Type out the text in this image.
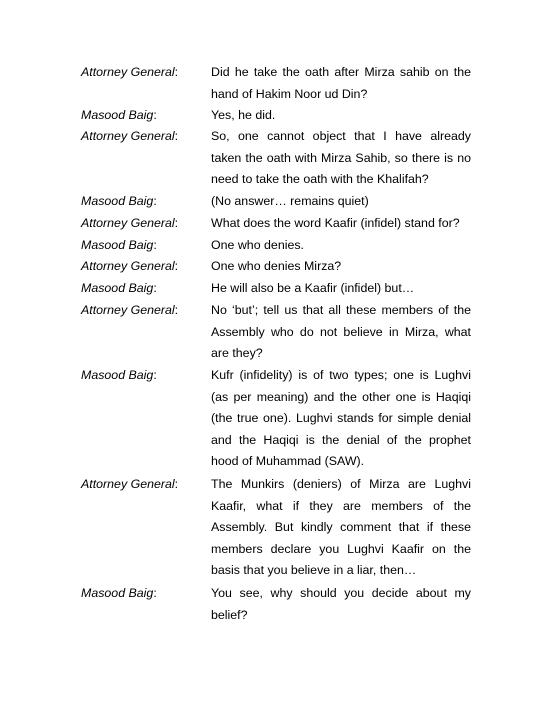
Attorney General:	Did he take the oath after Mirza sahib on the
hand of Hakim Noor ud Din?
Masood Baig:	Yes, he did.
Attorney General:	So, one cannot object that I have already
taken the oath with Mirza Sahib, so there is no
need to take the oath with the Khalifah?
Masood Baig:	(No answer… remains quiet)
Attorney General:	What does the word Kaafir (infidel) stand for?
Masood Baig:	One who denies.
Attorney General:	One who denies Mirza?
Masood Baig:	He will also be a Kaafir (infidel) but…
Attorney General:	No ‘but’; tell us that all these members of the
Assembly who do not believe in Mirza, what
are they?
Masood Baig:	Kufr (infidelity) is of two types; one is Lughvi
(as per meaning) and the other one is Haqiqi
(the true one). Lughvi stands for simple denial
and the Haqiqi is the denial of the prophet
hood of Muhammad (SAW).
Attorney General:	The Munkirs (deniers) of Mirza are Lughvi
Kaafir, what if they are members of the
Assembly. But kindly comment that if these
members declare you Lughvi Kaafir on the
basis that you believe in a liar, then…
Masood Baig:	You see, why should you decide about my
belief?
